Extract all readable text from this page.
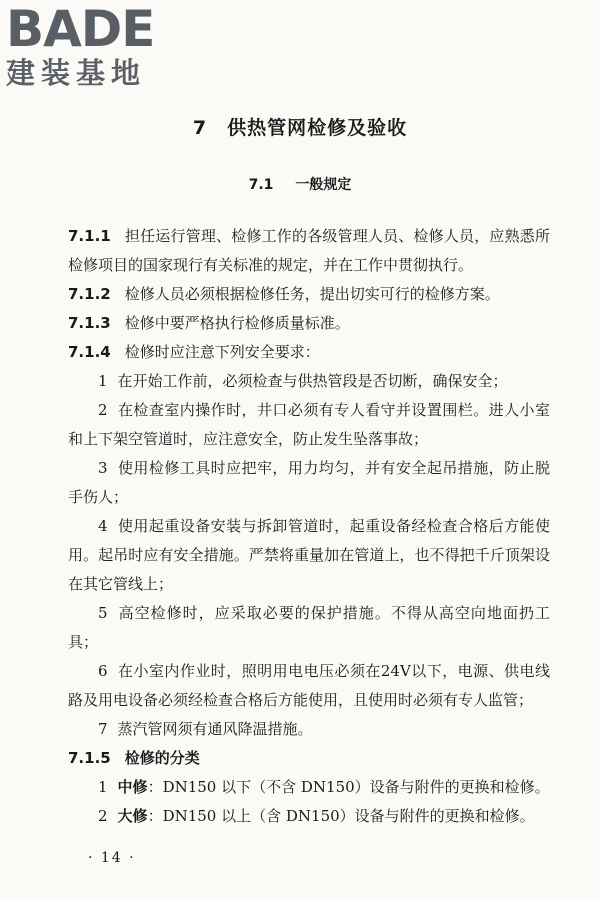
BADE
建装基地
7 供热管网检修及验收
7.1 一般规定

7.1.1 担任运行管理、检修工作的各级管理人员、检修人员，应熟悉所检修项目的国家现行有关标准的规定，并在工作中贯彻执行。

7.1.2 检修人员必须根据检修任务，提出切实可行的检修方案。

7.1.3 检修中要严格执行检修质量标准。

7.1.4 检修时应注意下列安全要求：

1 在开始工作前，必须检查与供热管段是否切断，确保安全；

2 在检查室内操作时，井口必须有专人看守并设置围栏。进人小室和上下架空管道时，应注意安全，防止发生坠落事故；

3 使用检修工具时应把牢，用力均匀，并有安全起吊措施，防止脱手伤人；

4 使用起重设备安装与拆卸管道时，起重设备经检查合格后方能使用。起吊时应有安全措施。严禁将重量加在管道上，也不得把千斤顶架设在其它管线上；

5 高空检修时，应采取必要的保护措施。不得从高空向地面扔工具；

6 在小室内作业时，照明用电电压必须在24V以下，电源、供电线路及用电设备必须经检查合格后方能使用，且使用时必须有专人监管；

7 蒸汽管网须有通风降温措施。

7.1.5 检修的分类

1 中修：DN150 以下（不含 DN150）设备与附件的更换和检修。

2 大修：DN150 以上（含 DN150）设备与附件的更换和检修。

· 14 ·
